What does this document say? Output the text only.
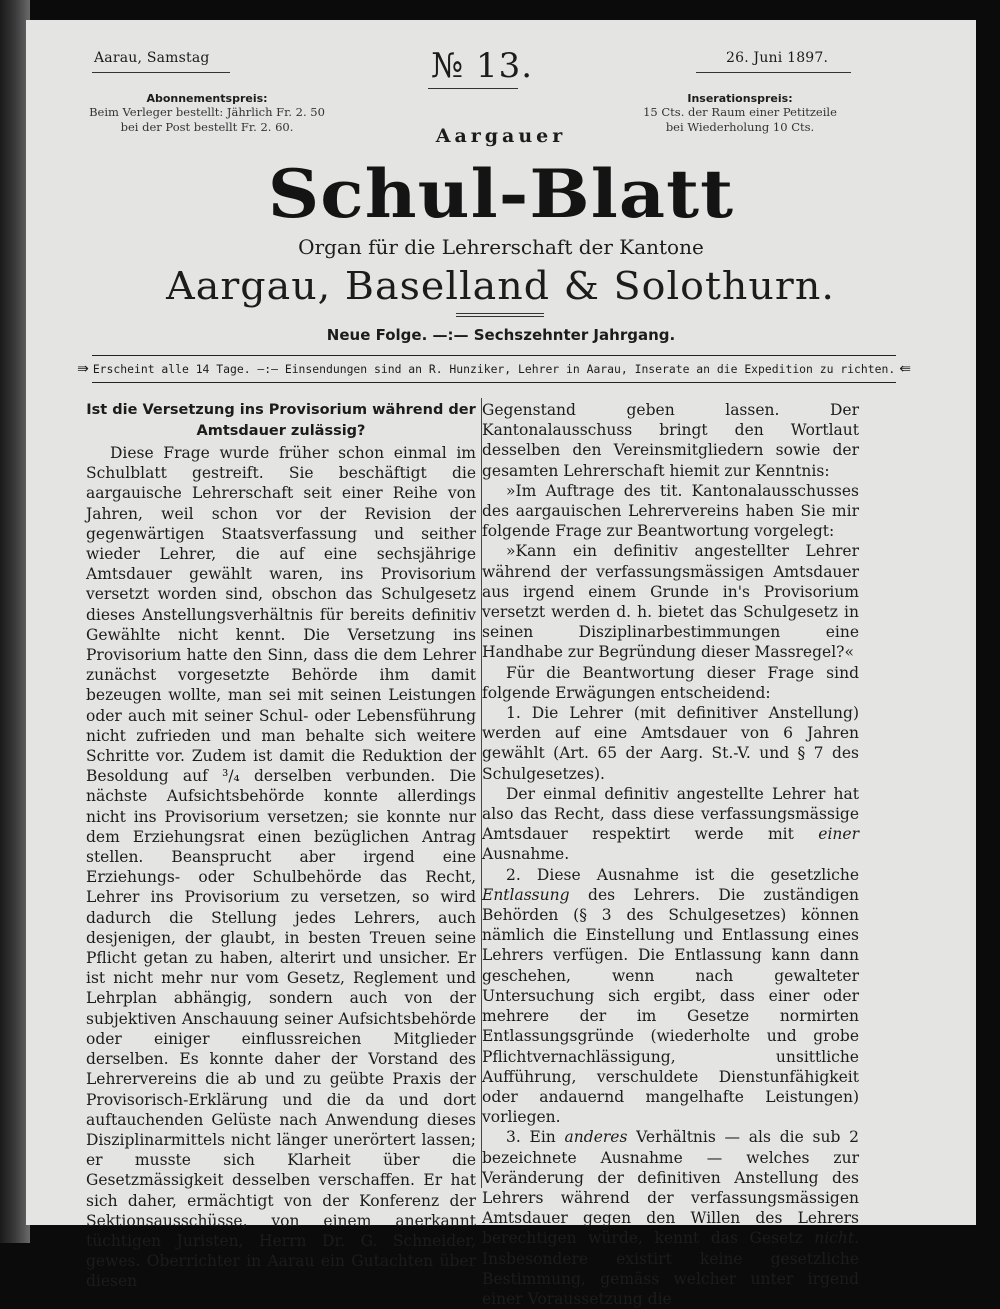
Aarau, Samstag	№ 13.	26. Juni 1897.
Abonnementspreis:
Beim Verleger bestellt: Jährlich Fr. 2. 50
bei der Post bestellt Fr. 2. 60.
Inserationspreis:
15 Cts. der Raum einer Petitzeile
bei Wiederholung 10 Cts.
Aargauer
Schul-Blatt
Organ für die Lehrerschaft der Kantone
Aargau, Baselland & Solothurn.
Neue Folge. —:— Sechszehnter Jahrgang.
⇛ Erscheint alle 14 Tage. —:— Einsendungen sind an R. Hunziker, Lehrer in Aarau, Inserate an die Expedition zu richten. ⇚
Ist die Versetzung ins Provisorium während der
Amtsdauer zulässig?

Diese Frage wurde früher schon einmal im Schulblatt gestreift. Sie beschäftigt die aargauische Lehrerschaft seit einer Reihe von Jahren, weil schon vor der Revision der gegenwärtigen Staatsverfassung und seither wieder Lehrer, die auf eine sechsjährige Amtsdauer gewählt waren, ins Provisorium versetzt worden sind, obschon das Schulgesetz dieses Anstellungsverhältnis für bereits definitiv Gewählte nicht kennt. Die Versetzung ins Provisorium hatte den Sinn, dass die dem Lehrer zunächst vorgesetzte Behörde ihm damit bezeugen wollte, man sei mit seinen Leistungen oder auch mit seiner Schul- oder Lebensführung nicht zufrieden und man behalte sich weitere Schritte vor. Zudem ist damit die Reduktion der Besoldung auf ³/₄ derselben verbunden. Die nächste Aufsichtsbehörde konnte allerdings nicht ins Provisorium versetzen; sie konnte nur dem Erziehungsrat einen bezüglichen Antrag stellen. Beansprucht aber irgend eine Erziehungs- oder Schulbehörde das Recht, Lehrer ins Provisorium zu versetzen, so wird dadurch die Stellung jedes Lehrers, auch desjenigen, der glaubt, in besten Treuen seine Pflicht getan zu haben, alterirt und unsicher. Er ist nicht mehr nur vom Gesetz, Reglement und Lehrplan abhängig, sondern auch von der subjektiven Anschauung seiner Aufsichtsbehörde oder einiger einflussreichen Mitglieder derselben. Es konnte daher der Vorstand des Lehrervereins die ab und zu geübte Praxis der Provisorisch-Erklärung und die da und dort auftauchenden Gelüste nach Anwendung dieses Disziplinarmittels nicht länger unerörtert lassen; er musste sich Klarheit über die Gesetzmässigkeit desselben verschaffen. Er hat sich daher, ermächtigt von der Konferenz der Sektionsausschüsse, von einem anerkannt tüchtigen Juristen, Herrn Dr. G. Schneider, gewes. Oberrichter in Aarau ein Gutachten über diesen

Gegenstand geben lassen. Der Kantonalausschuss bringt den Wortlaut desselben den Vereinsmitgliedern sowie der gesamten Lehrerschaft hiemit zur Kenntnis:

»Im Auftrage des tit. Kantonalausschusses des aargauischen Lehrervereins haben Sie mir folgende Frage zur Beantwortung vorgelegt:

»Kann ein definitiv angestellter Lehrer während der verfassungsmässigen Amtsdauer aus irgend einem Grunde in's Provisorium versetzt werden d. h. bietet das Schulgesetz in seinen Disziplinarbestimmungen eine Handhabe zur Begründung dieser Massregel?«

Für die Beantwortung dieser Frage sind folgende Erwägungen entscheidend:

1. Die Lehrer (mit definitiver Anstellung) werden auf eine Amtsdauer von 6 Jahren gewählt (Art. 65 der Aarg. St.-V. und § 7 des Schulgesetzes).

Der einmal definitiv angestellte Lehrer hat also das Recht, dass diese verfassungsmässige Amtsdauer respektirt werde mit einer Ausnahme.

2. Diese Ausnahme ist die gesetzliche Entlassung des Lehrers. Die zuständigen Behörden (§ 3 des Schulgesetzes) können nämlich die Einstellung und Entlassung eines Lehrers verfügen. Die Entlassung kann dann geschehen, wenn nach gewalteter Untersuchung sich ergibt, dass einer oder mehrere der im Gesetze normirten Entlassungsgründe (wiederholte und grobe Pflichtvernachlässigung, unsittliche Aufführung, verschuldete Dienstunfähigkeit oder andauernd mangelhafte Leistungen) vorliegen.

3. Ein anderes Verhältnis — als die sub 2 bezeichnete Ausnahme — welches zur Veränderung der definitiven Anstellung des Lehrers während der verfassungsmässigen Amtsdauer gegen den Willen des Lehrers berechtigen würde, kennt das Gesetz nicht. Insbesondere existirt keine gesetzliche Bestimmung, gemäss welcher unter irgend einer Voraussetzung die
